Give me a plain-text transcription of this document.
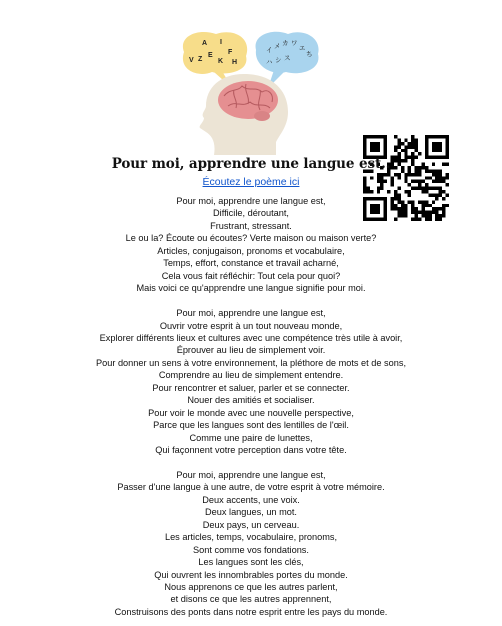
A I
V Z
E F
K H
イ メ カ ワ
ハ シ ス
エ
ち
Pour moi, apprendre une langue est..
Écoutez le poème ici
Pour moi, apprendre une langue est,
Difficile, déroutant,
Frustrant, stressant.
Le ou la? Écoute ou écoutes? Verte maison ou maison verte?
Articles, conjugaison, pronoms et vocabulaire,
Temps, effort, constance et travail acharné,
Cela vous fait réfléchir: Tout cela pour quoi?
Mais voici ce qu'apprendre une langue signifie pour moi.
Pour moi, apprendre une langue est,
Ouvrir votre esprit à un tout nouveau monde,
Explorer différents lieux et cultures avec une compétence très utile à avoir,
Éprouver au lieu de simplement voir.
Pour donner un sens à votre environnement, la pléthore de mots et de sons,
Comprendre au lieu de simplement entendre.
Pour rencontrer et saluer, parler et se connecter.
Nouer des amitiés et socialiser.
Pour voir le monde avec une nouvelle perspective,
Parce que les langues sont des lentilles de l'œil.
Comme une paire de lunettes,
Qui façonnent votre perception dans votre tête.
Pour moi, apprendre une langue est,
Passer d'une langue à une autre, de votre esprit à votre mémoire.
Deux accents, une voix.
Deux langues, un mot.
Deux pays, un cerveau.
Les articles, temps, vocabulaire, pronoms,
Sont comme vos fondations.
Les langues sont les clés,
Qui ouvrent les innombrables portes du monde.
Nous apprenons ce que les autres parlent,
et disons ce que les autres apprennent,
Construisons des ponts dans notre esprit entre les pays du monde.
